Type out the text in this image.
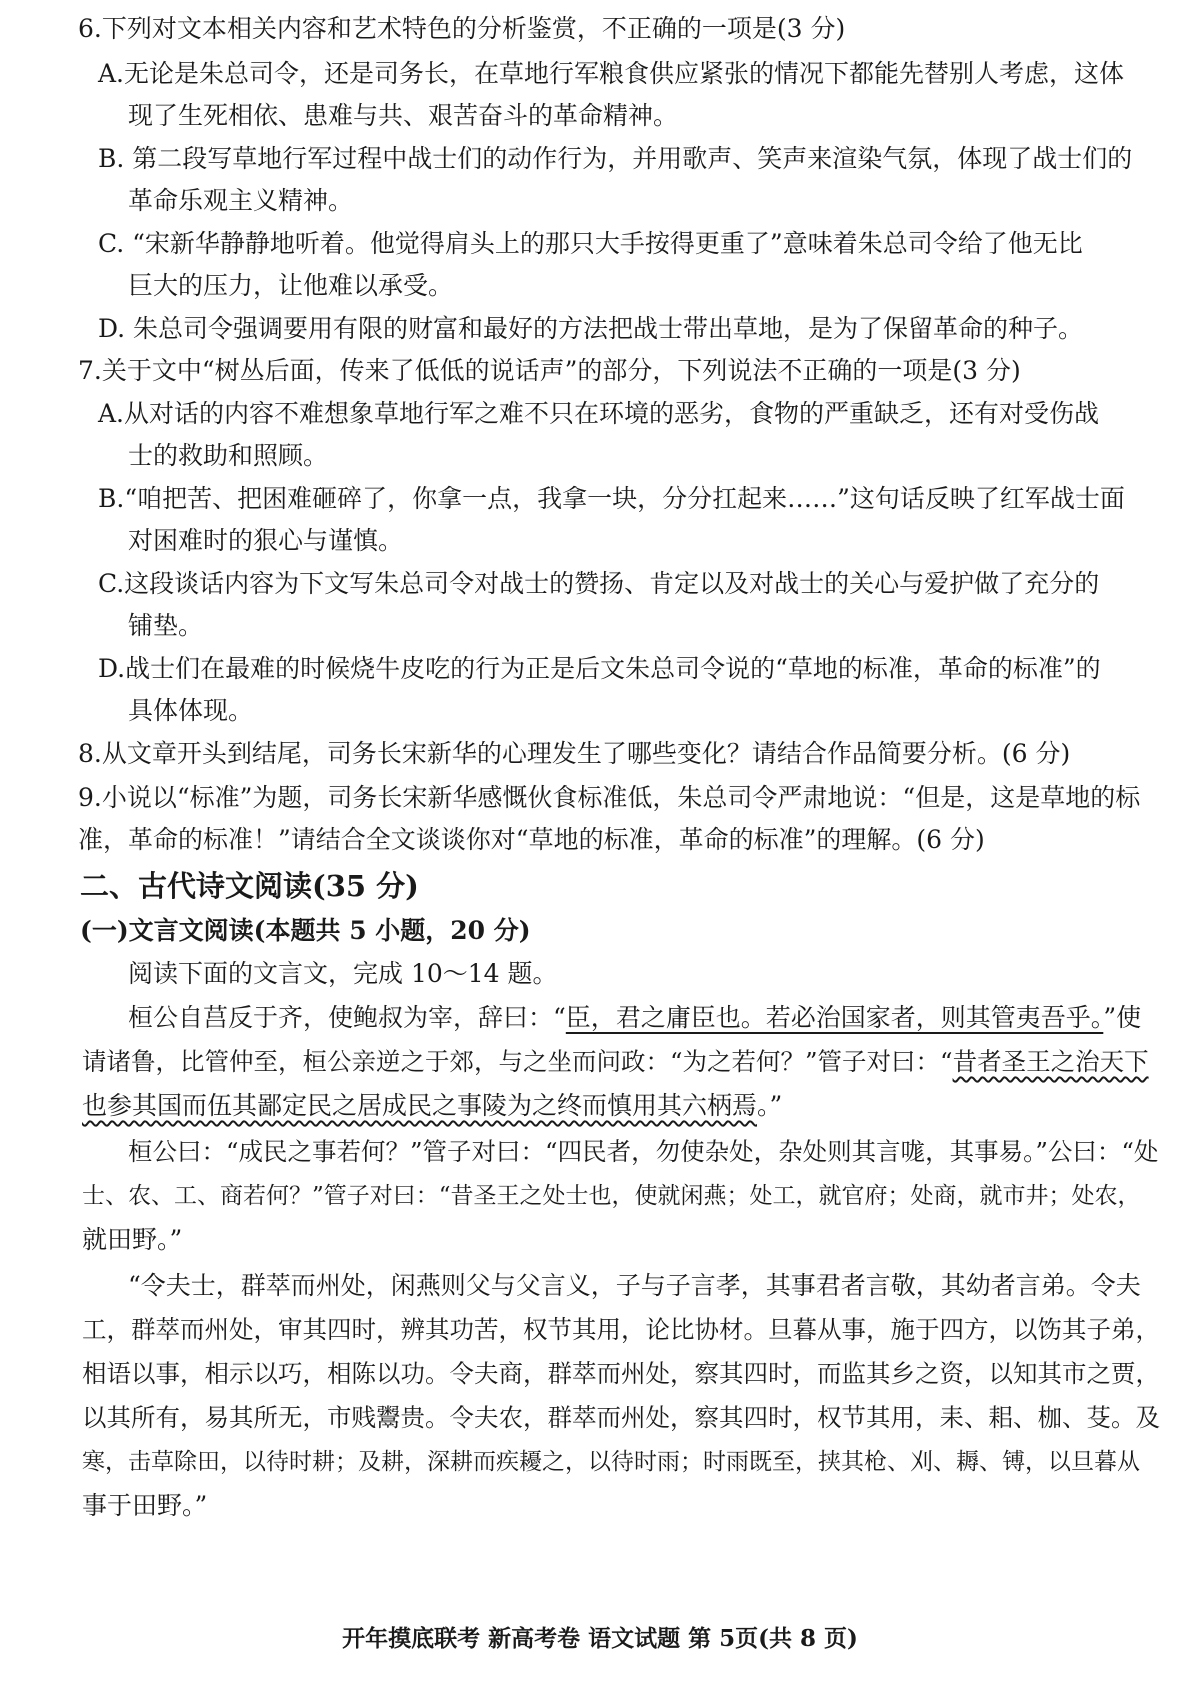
6.下列对文本相关内容和艺术特色的分析鉴赏，不正确的一项是(3 分)
A.无论是朱总司令，还是司务长，在草地行军粮食供应紧张的情况下都能先替别人考虑，这体
现了生死相依、患难与共、艰苦奋斗的革命精神。
B. 第二段写草地行军过程中战士们的动作行为，并用歌声、笑声来渲染气氛，体现了战士们的
革命乐观主义精神。
C. “宋新华静静地听着。他觉得肩头上的那只大手按得更重了”意味着朱总司令给了他无比
巨大的压力，让他难以承受。
D. 朱总司令强调要用有限的财富和最好的方法把战士带出草地，是为了保留革命的种子。
7.关于文中“树丛后面，传来了低低的说话声”的部分，下列说法不正确的一项是(3 分)
A.从对话的内容不难想象草地行军之难不只在环境的恶劣，食物的严重缺乏，还有对受伤战
士的救助和照顾。
B.“咱把苦、把困难砸碎了，你拿一点，我拿一块，分分扛起来……”这句话反映了红军战士面
对困难时的狠心与谨慎。
C.这段谈话内容为下文写朱总司令对战士的赞扬、肯定以及对战士的关心与爱护做了充分的
铺垫。
D.战士们在最难的时候烧牛皮吃的行为正是后文朱总司令说的“草地的标准，革命的标准”的
具体体现。
8.从文章开头到结尾，司务长宋新华的心理发生了哪些变化？请结合作品简要分析。(6 分)
9.小说以“标准”为题，司务长宋新华感慨伙食标准低，朱总司令严肃地说：“但是，这是草地的标
准，革命的标准！”请结合全文谈谈你对“草地的标准，革命的标准”的理解。(6 分)
二、古代诗文阅读(35 分)
(一)文言文阅读(本题共 5 小题，20 分)
阅读下面的文言文，完成 10～14 题。
桓公自莒反于齐，使鲍叔为宰，辞曰：“臣，君之庸臣也。若必治国家者，则其管夷吾乎。”使
请诸鲁，比管仲至，桓公亲逆之于郊，与之坐而问政：“为之若何？”管子对曰：“昔者圣王之治天下
也参其国而伍其鄙定民之居成民之事陵为之终而慎用其六柄焉。”
桓公曰：“成民之事若何？”管子对曰：“四民者，勿使杂处，杂处则其言哤，其事易。”公曰：“处
士、农、工、商若何？”管子对曰：“昔圣王之处士也，使就闲燕；处工，就官府；处商，就市井；处农，
就田野。”
“令夫士，群萃而州处，闲燕则父与父言义，子与子言孝，其事君者言敬，其幼者言弟。令夫
工，群萃而州处，审其四时，辨其功苦，权节其用，论比协材。旦暮从事，施于四方，以饬其子弟，
相语以事，相示以巧，相陈以功。令夫商，群萃而州处，察其四时，而监其乡之资，以知其市之贾，
以其所有，易其所无，市贱鬻贵。令夫农，群萃而州处，察其四时，权节其用，耒、耜、枷、芟。及
寒，击草除田，以待时耕；及耕，深耕而疾耰之，以待时雨；时雨既至，挟其枪、刈、耨、镈，以旦暮从
事于田野。”
开年摸底联考 新高考卷 语文试题 第 5页(共 8 页)
